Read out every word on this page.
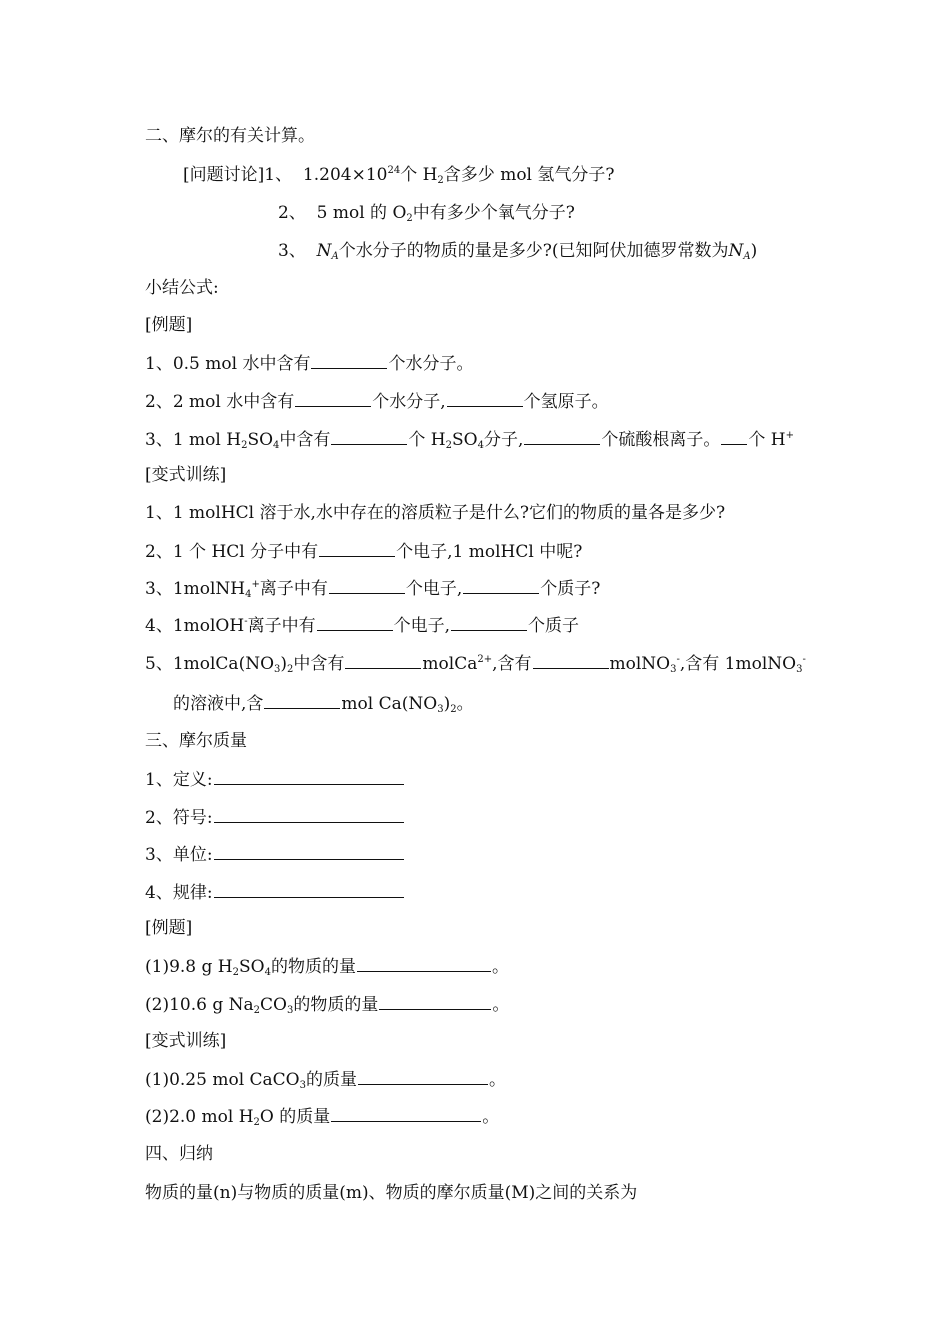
二、摩尔的有关计算。
[问题讨论]1、 $1.204\times 10^{24}$个 $H_2$含多少 mol 氢气分子?
2、 5 mol 的 $O_2$中有多少个氧气分子?
3、 $N_A$个水分子的物质的量是多少?(已知阿伏加德罗常数为$N_A$)
小结公式:
[例题]
1、0.5 mol 水中含有	个水分子。
2、2 mol 水中含有	个水分子,	个氢原子。
3、1 mol $H_2SO_4$中含有	个 $H_2SO_4$分子,	个硫酸根离子。 个 H+
[变式训练]
1、1 molHCl 溶于水,水中存在的溶质粒子是什么?它们的物质的量各是多少?
2、1 个 HCl 分子中有	个电子,1 molHCl 中呢?
3、1molNH$_4$+离子中有	个电子,	个质子?
4、1molOH-离子中有	个电子,	个质子
5、$1molCa(NO_3)_2$中含有	molCa$^{2+}$,含有	molNO$_3$-,含有 1molNO$_3$-
的溶液中,含	mol $Ca(NO_3)_2$。
三、摩尔质量
1、定义:
2、符号:
3、单位:
4、规律:
[例题]
(1)9.8 g $H_2SO_4$的物质的量	。
(2)10.6 g $Na_2CO_3$的物质的量	。
[变式训练]
(1)0.25 mol CaCO$_3$的质量	。
(2)2.0 mol $H_2O$ 的质量	。
四、归纳
物质的量(n)与物质的质量(m)、物质的摩尔质量(M)之间的关系为
